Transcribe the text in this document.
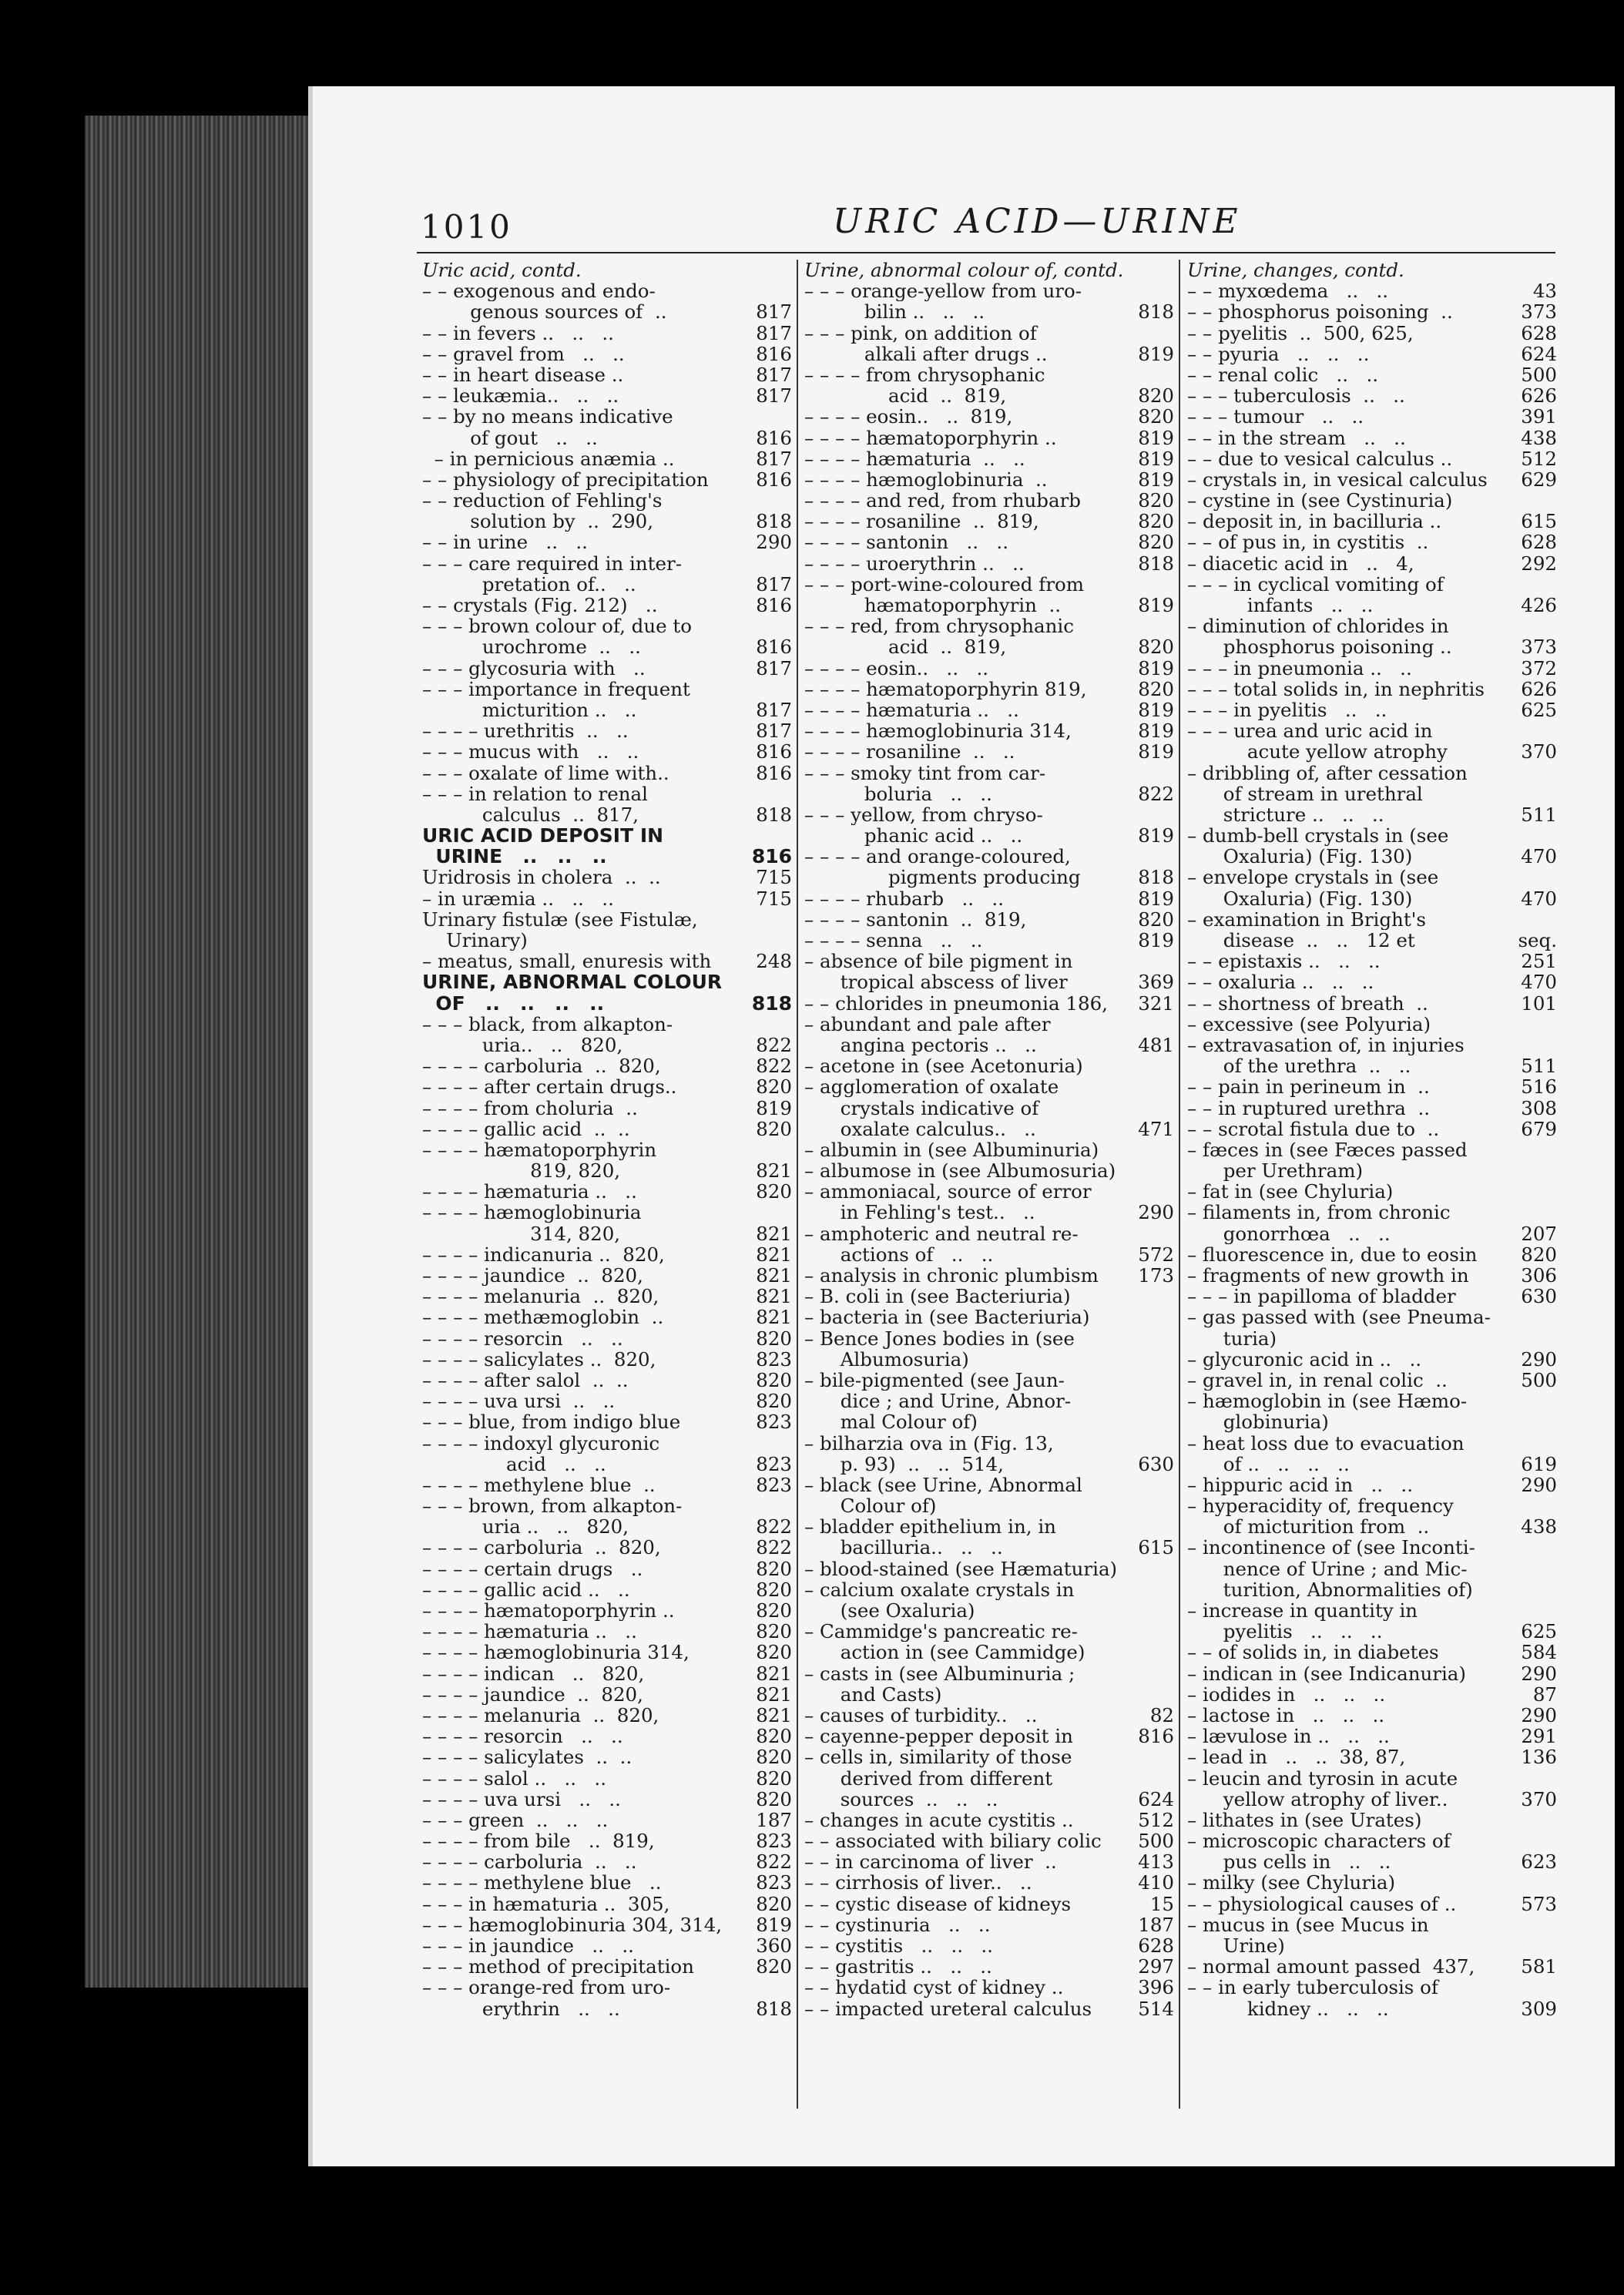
1010	URIC ACID—URINE
Uric acid, contd.
– – exogenous and endo-
genous sources of  ..	817
– – in fevers ..   ..   ..	817
– – gravel from   ..   ..	816
– – in heart disease ..	817
– – leukæmia..   ..   ..	817
– – by no means indicative
of gout   ..   ..	816
– in pernicious anæmia ..	817
– – physiology of precipitation	816
– – reduction of Fehling's
solution by  ..  290,	818
– – in urine   ..   ..	290
– – – care required in inter-
pretation of..   ..	817
– – crystals (Fig. 212)   ..	816
– – – brown colour of, due to
urochrome  ..   ..	816
– – – glycosuria with   ..	817
– – – importance in frequent
micturition ..   ..	817
– – – – urethritis  ..   ..	817
– – – mucus with   ..   ..	816
– – – oxalate of lime with..	816
– – – in relation to renal
calculus  ..  817,	818
URIC ACID DEPOSIT IN
URINE   ..   ..   ..	816
Uridrosis in cholera  ..  ..	715
– in uræmia ..   ..   ..	715
Urinary fistulæ (see Fistulæ,
Urinary)
– meatus, small, enuresis with	248
URINE, ABNORMAL COLOUR
OF   ..   ..   ..   ..	818
– – – black, from alkapton-
uria..   ..   820,	822
– – – – carboluria  ..  820,	822
– – – – after certain drugs..	820
– – – – from choluria  ..	819
– – – – gallic acid  ..  ..	820
– – – – hæmatoporphyrin
819, 820,	821
– – – – hæmaturia ..   ..	820
– – – – hæmoglobinuria
314, 820,	821
– – – – indicanuria ..  820,	821
– – – – jaundice  ..  820,	821
– – – – melanuria  ..  820,	821
– – – – methæmoglobin  ..	821
– – – – resorcin   ..   ..	820
– – – – salicylates ..  820,	823
– – – – after salol  ..  ..	820
– – – – uva ursi  ..   ..	820
– – – blue, from indigo blue	823
– – – – indoxyl glycuronic
acid   ..   ..	823
– – – – methylene blue  ..	823
– – – brown, from alkapton-
uria ..   ..   820,	822
– – – – carboluria  ..  820,	822
– – – – certain drugs   ..	820
– – – – gallic acid ..   ..	820
– – – – hæmatoporphyrin ..	820
– – – – hæmaturia ..   ..	820
– – – – hæmoglobinuria 314,	820
– – – – indican   ..   820,	821
– – – – jaundice  ..  820,	821
– – – – melanuria  ..  820,	821
– – – – resorcin   ..   ..	820
– – – – salicylates  ..  ..	820
– – – – salol ..   ..   ..	820
– – – – uva ursi   ..   ..	820
– – – green  ..   ..   ..	187
– – – – from bile   ..  819,	823
– – – – carboluria  ..   ..	822
– – – – methylene blue   ..	823
– – – in hæmaturia ..  305,	820
– – – hæmoglobinuria 304, 314,	819
– – – in jaundice   ..   ..	360
– – – method of precipitation	820
– – – orange-red from uro-
erythrin   ..   ..	818
Urine, abnormal colour of, contd.
– – – orange-yellow from uro-
bilin ..   ..   ..	818
– – – pink, on addition of
alkali after drugs ..	819
– – – – from chrysophanic
acid  ..  819,	820
– – – – eosin..   ..  819,	820
– – – – hæmatoporphyrin ..	819
– – – – hæmaturia  ..   ..	819
– – – – hæmoglobinuria  ..	819
– – – – and red, from rhubarb	820
– – – – rosaniline  ..  819,	820
– – – – santonin   ..   ..	820
– – – – uroerythrin ..   ..	818
– – – port-wine-coloured from
hæmatoporphyrin  ..	819
– – – red, from chrysophanic
acid  ..  819,	820
– – – – eosin..   ..   ..	819
– – – – hæmatoporphyrin 819,	820
– – – – hæmaturia ..   ..	819
– – – – hæmoglobinuria 314,	819
– – – – rosaniline  ..   ..	819
– – – smoky tint from car-
boluria   ..   ..	822
– – – yellow, from chryso-
phanic acid ..   ..	819
– – – – and orange-coloured,
pigments producing	818
– – – – rhubarb   ..   ..	819
– – – – santonin  ..  819,	820
– – – – senna   ..   ..	819
– absence of bile pigment in
tropical abscess of liver	369
– – chlorides in pneumonia 186,	321
– abundant and pale after
angina pectoris ..   ..	481
– acetone in (see Acetonuria)
– agglomeration of oxalate
crystals indicative of
oxalate calculus..   ..	471
– albumin in (see Albuminuria)
– albumose in (see Albumosuria)
– ammoniacal, source of error
in Fehling's test..   ..	290
– amphoteric and neutral re-
actions of   ..   ..	572
– analysis in chronic plumbism	173
– B. coli in (see Bacteriuria)
– bacteria in (see Bacteriuria)
– Bence Jones bodies in (see
Albumosuria)
– bile-pigmented (see Jaun-
dice ; and Urine, Abnor-
mal Colour of)
– bilharzia ova in (Fig. 13,
p. 93)  ..   ..  514,	630
– black (see Urine, Abnormal
Colour of)
– bladder epithelium in, in
bacilluria..   ..   ..	615
– blood-stained (see Hæmaturia)
– calcium oxalate crystals in
(see Oxaluria)
– Cammidge's pancreatic re-
action in (see Cammidge)
– casts in (see Albuminuria ;
and Casts)
– causes of turbidity..   ..	82
– cayenne-pepper deposit in	816
– cells in, similarity of those
derived from different
sources  ..   ..   ..	624
– changes in acute cystitis ..	512
– – associated with biliary colic	500
– – in carcinoma of liver  ..	413
– – cirrhosis of liver..   ..	410
– – cystic disease of kidneys	15
– – cystinuria   ..   ..	187
– – cystitis   ..   ..   ..	628
– – gastritis ..   ..   ..	297
– – hydatid cyst of kidney ..	396
– – impacted ureteral calculus	514
Urine, changes, contd.
– – myxœdema   ..   ..	43
– – phosphorus poisoning  ..	373
– – pyelitis  ..  500, 625,	628
– – pyuria   ..   ..   ..	624
– – renal colic   ..   ..	500
– – – tuberculosis  ..   ..	626
– – – tumour   ..   ..	391
– – in the stream   ..   ..	438
– – due to vesical calculus ..	512
– crystals in, in vesical calculus	629
– cystine in (see Cystinuria)
– deposit in, in bacilluria ..	615
– – of pus in, in cystitis  ..	628
– diacetic acid in   ..   4,	292
– – – in cyclical vomiting of
infants   ..   ..	426
– diminution of chlorides in
phosphorus poisoning ..	373
– – – in pneumonia ..   ..	372
– – – total solids in, in nephritis	626
– – – in pyelitis   ..   ..	625
– – – urea and uric acid in
acute yellow atrophy	370
– dribbling of, after cessation
of stream in urethral
stricture ..   ..   ..	511
– dumb-bell crystals in (see
Oxaluria) (Fig. 130)	470
– envelope crystals in (see
Oxaluria) (Fig. 130)	470
– examination in Bright's
disease  ..   ..   12 et	seq.
– – epistaxis ..   ..   ..	251
– – oxaluria ..   ..   ..	470
– – shortness of breath  ..	101
– excessive (see Polyuria)
– extravasation of, in injuries
of the urethra  ..   ..	511
– – pain in perineum in  ..	516
– – in ruptured urethra  ..	308
– – scrotal fistula due to  ..	679
– fæces in (see Fæces passed
per Urethram)
– fat in (see Chyluria)
– filaments in, from chronic
gonorrhœa   ..   ..	207
– fluorescence in, due to eosin	820
– fragments of new growth in	306
– – – in papilloma of bladder	630
– gas passed with (see Pneuma-
turia)
– glycuronic acid in ..   ..	290
– gravel in, in renal colic  ..	500
– hæmoglobin in (see Hæmo-
globinuria)
– heat loss due to evacuation
of ..   ..   ..   ..	619
– hippuric acid in   ..   ..	290
– hyperacidity of, frequency
of micturition from  ..	438
– incontinence of (see Inconti-
nence of Urine ; and Mic-
turition, Abnormalities of)
– increase in quantity in
pyelitis   ..   ..   ..	625
– – of solids in, in diabetes	584
– indican in (see Indicanuria)	290
– iodides in   ..   ..   ..	87
– lactose in   ..   ..   ..	290
– lævulose in ..   ..   ..	291
– lead in   ..   ..  38, 87,	136
– leucin and tyrosin in acute
yellow atrophy of liver..	370
– lithates in (see Urates)
– microscopic characters of
pus cells in   ..   ..	623
– milky (see Chyluria)
– – physiological causes of ..	573
– mucus in (see Mucus in
Urine)
– normal amount passed  437,	581
– – in early tuberculosis of
kidney ..   ..   ..	309
